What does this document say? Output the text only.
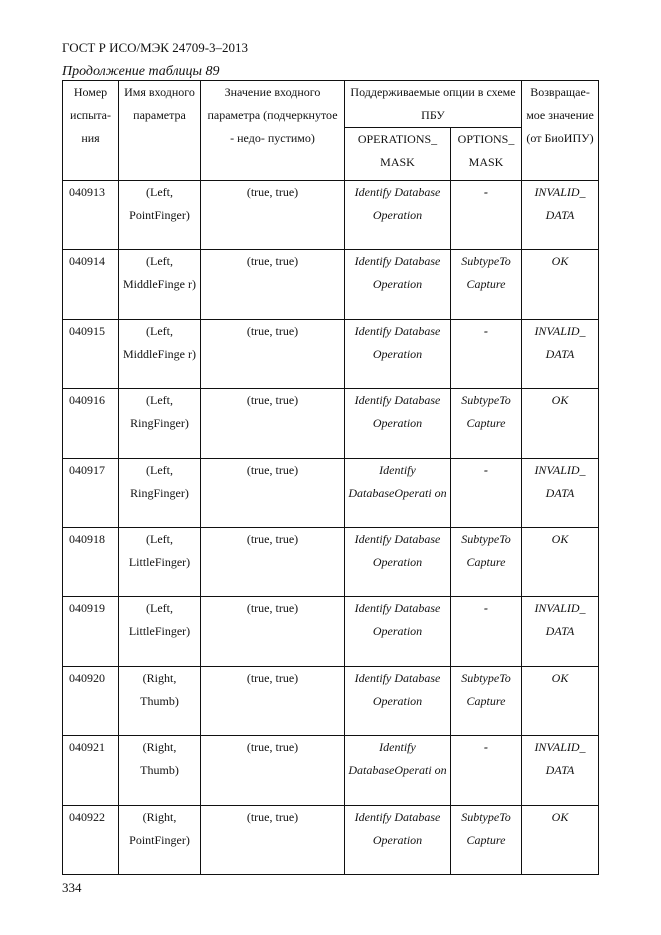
ГОСТ Р ИСО/МЭК 24709-3–2013
Продолжение таблицы 89
Номер испыта- ния	Имя входного параметра	Значение входного параметра (подчеркнутое - недо- пустимо)	Поддерживаемые опции в схеме ПБУ		Возвращае- мое значение (от БиоИПУ)
			OPERATIONS_ MASK	OPTIONS_ MASK	
040913	(Left, PointFinger)	(true, true)	Identify Database Operation	-	INVALID_ DATA
040914	(Left, MiddleFinge r)	(true, true)	Identify Database Operation	SubtypeTo Capture	OK
040915	(Left, MiddleFinge r)	(true, true)	Identify Database Operation	-	INVALID_ DATA
040916	(Left, RingFinger)	(true, true)	Identify Database Operation	SubtypeTo Capture	OK
040917	(Left, RingFinger)	(true, true)	Identify DatabaseOperati on	-	INVALID_ DATA
040918	(Left, LittleFinger)	(true, true)	Identify Database Operation	SubtypeTo Capture	OK
040919	(Left, LittleFinger)	(true, true)	Identify Database Operation	-	INVALID_ DATA
040920	(Right, Thumb)	(true, true)	Identify Database Operation	SubtypeTo Capture	OK
040921	(Right, Thumb)	(true, true)	Identify DatabaseOperati on	-	INVALID_ DATA
040922	(Right, PointFinger)	(true, true)	Identify Database Operation	SubtypeTo Capture	OK
334
